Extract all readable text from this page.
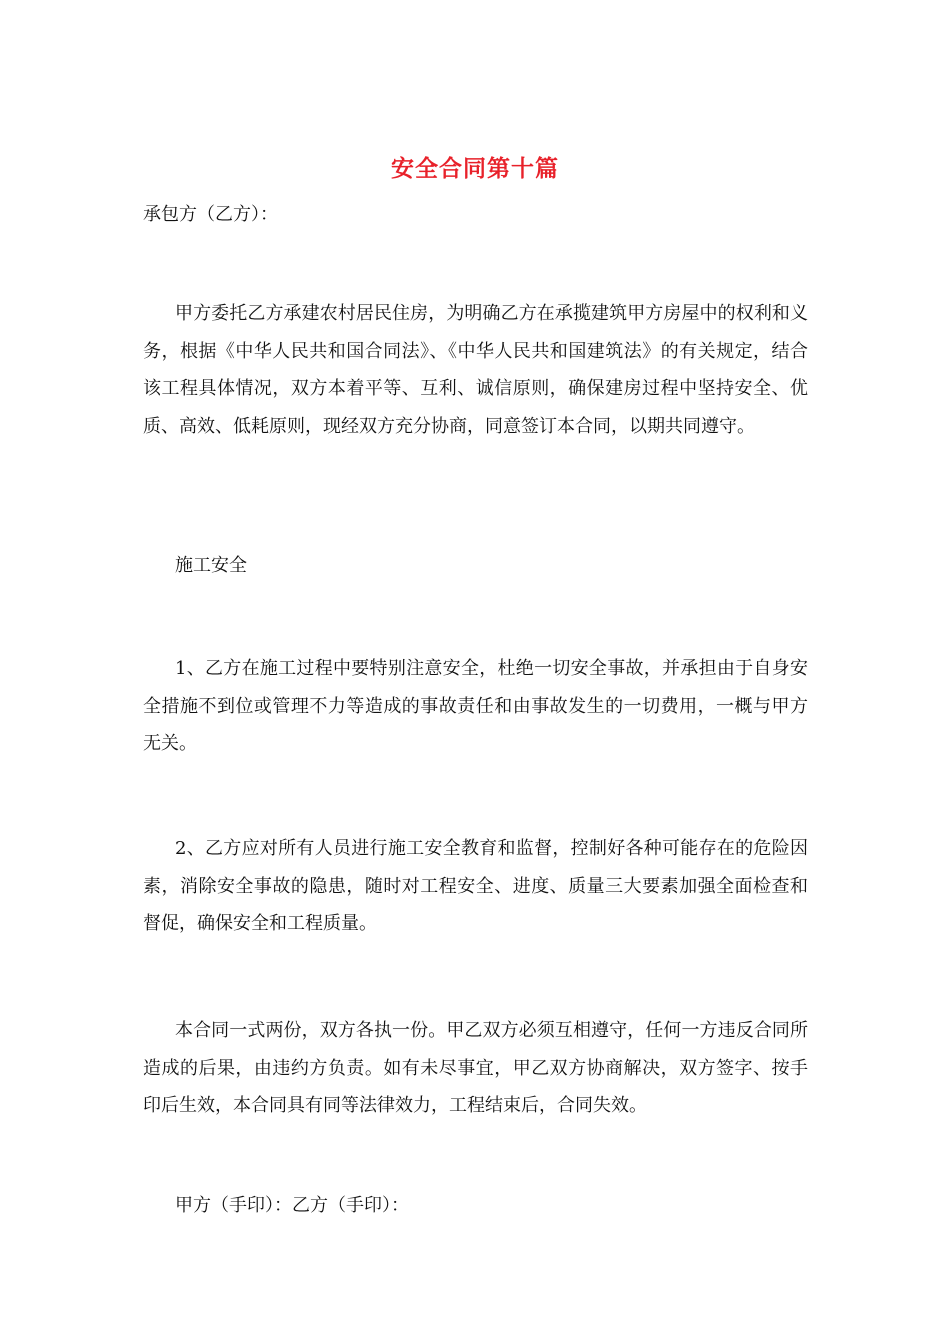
安全合同第十篇
承包方（乙方）：
甲方委托乙方承建农村居民住房，为明确乙方在承揽建筑甲方房屋中的权利和义务，根据《中华人民共和国合同法》、《中华人民共和国建筑法》的有关规定，结合该工程具体情况，双方本着平等、互利、诚信原则，确保建房过程中坚持安全、优质、高效、低耗原则，现经双方充分协商，同意签订本合同，以期共同遵守。
施工安全
1、乙方在施工过程中要特别注意安全，杜绝一切安全事故，并承担由于自身安全措施不到位或管理不力等造成的事故责任和由事故发生的一切费用，一概与甲方无关。
2、乙方应对所有人员进行施工安全教育和监督，控制好各种可能存在的危险因素，消除安全事故的隐患，随时对工程安全、进度、质量三大要素加强全面检查和督促，确保安全和工程质量。
本合同一式两份，双方各执一份。甲乙双方必须互相遵守，任何一方违反合同所造成的后果，由违约方负责。如有未尽事宜，甲乙双方协商解决，双方签字、按手印后生效，本合同具有同等法律效力，工程结束后，合同失效。
甲方（手印）：乙方（手印）：
